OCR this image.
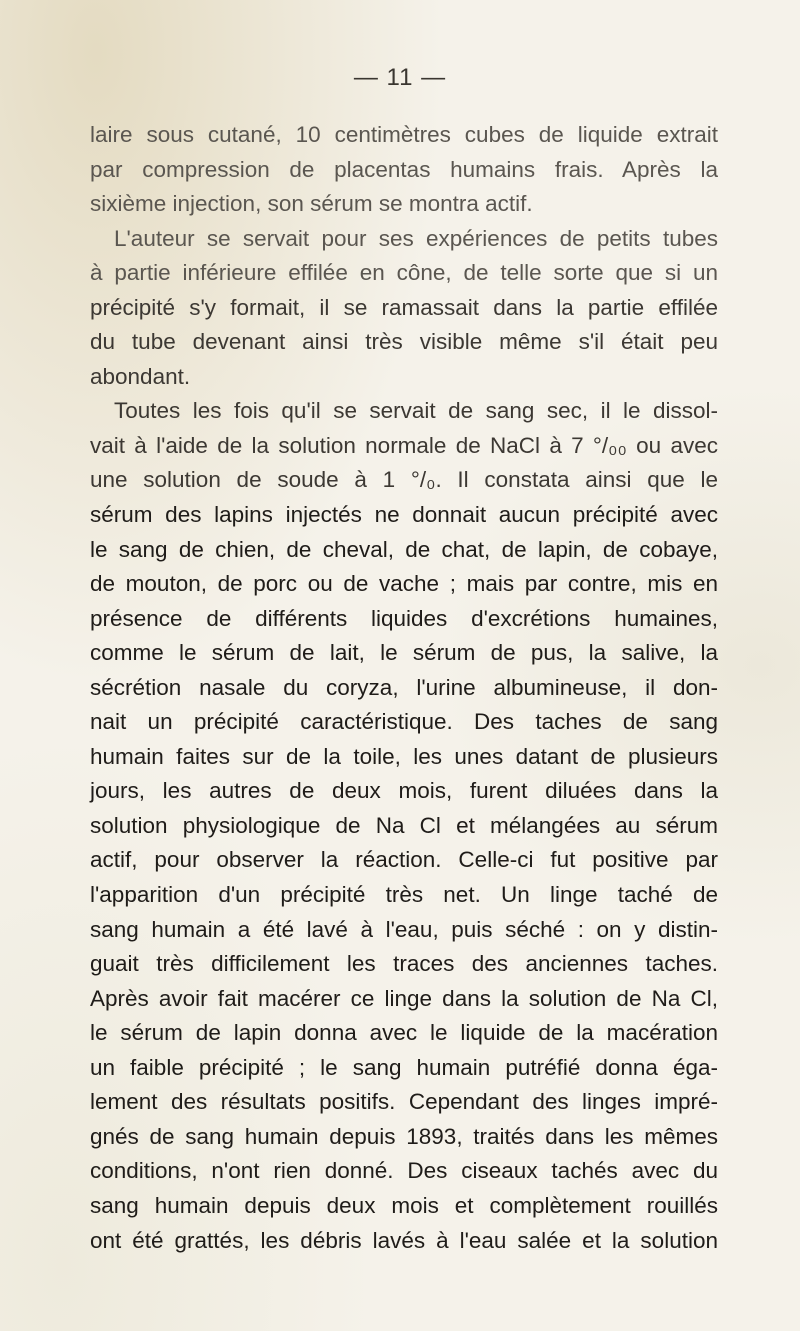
— 11 —
laire sous cutané, 10 centimètres cubes de liquide extrait
par compression de placentas humains frais. Après la
sixième injection, son sérum se montra actif.
L'auteur se servait pour ses expériences de petits tubes
à partie inférieure effilée en cône, de telle sorte que si un
précipité s'y formait, il se ramassait dans la partie effilée
du tube devenant ainsi très visible même s'il était peu
abondant.
Toutes les fois qu'il se servait de sang sec, il le dissol-
vait à l'aide de la solution normale de NaCl à 7 °/₀₀ ou avec
une solution de soude à 1 °/₀. Il constata ainsi que le
sérum des lapins injectés ne donnait aucun précipité avec
le sang de chien, de cheval, de chat, de lapin, de cobaye,
de mouton, de porc ou de vache ; mais par contre, mis en
présence de différents liquides d'excrétions humaines,
comme le sérum de lait, le sérum de pus, la salive, la
sécrétion nasale du coryza, l'urine albumineuse, il don-
nait un précipité caractéristique. Des taches de sang
humain faites sur de la toile, les unes datant de plusieurs
jours, les autres de deux mois, furent diluées dans la
solution physiologique de Na Cl et mélangées au sérum
actif, pour observer la réaction. Celle-ci fut positive par
l'apparition d'un précipité très net. Un linge taché de
sang humain a été lavé à l'eau, puis séché : on y distin-
guait très difficilement les traces des anciennes taches.
Après avoir fait macérer ce linge dans la solution de Na Cl,
le sérum de lapin donna avec le liquide de la macération
un faible précipité ; le sang humain putréfié donna éga-
lement des résultats positifs. Cependant des linges impré-
gnés de sang humain depuis 1893, traités dans les mêmes
conditions, n'ont rien donné. Des ciseaux tachés avec du
sang humain depuis deux mois et complètement rouillés
ont été grattés, les débris lavés à l'eau salée et la solution
